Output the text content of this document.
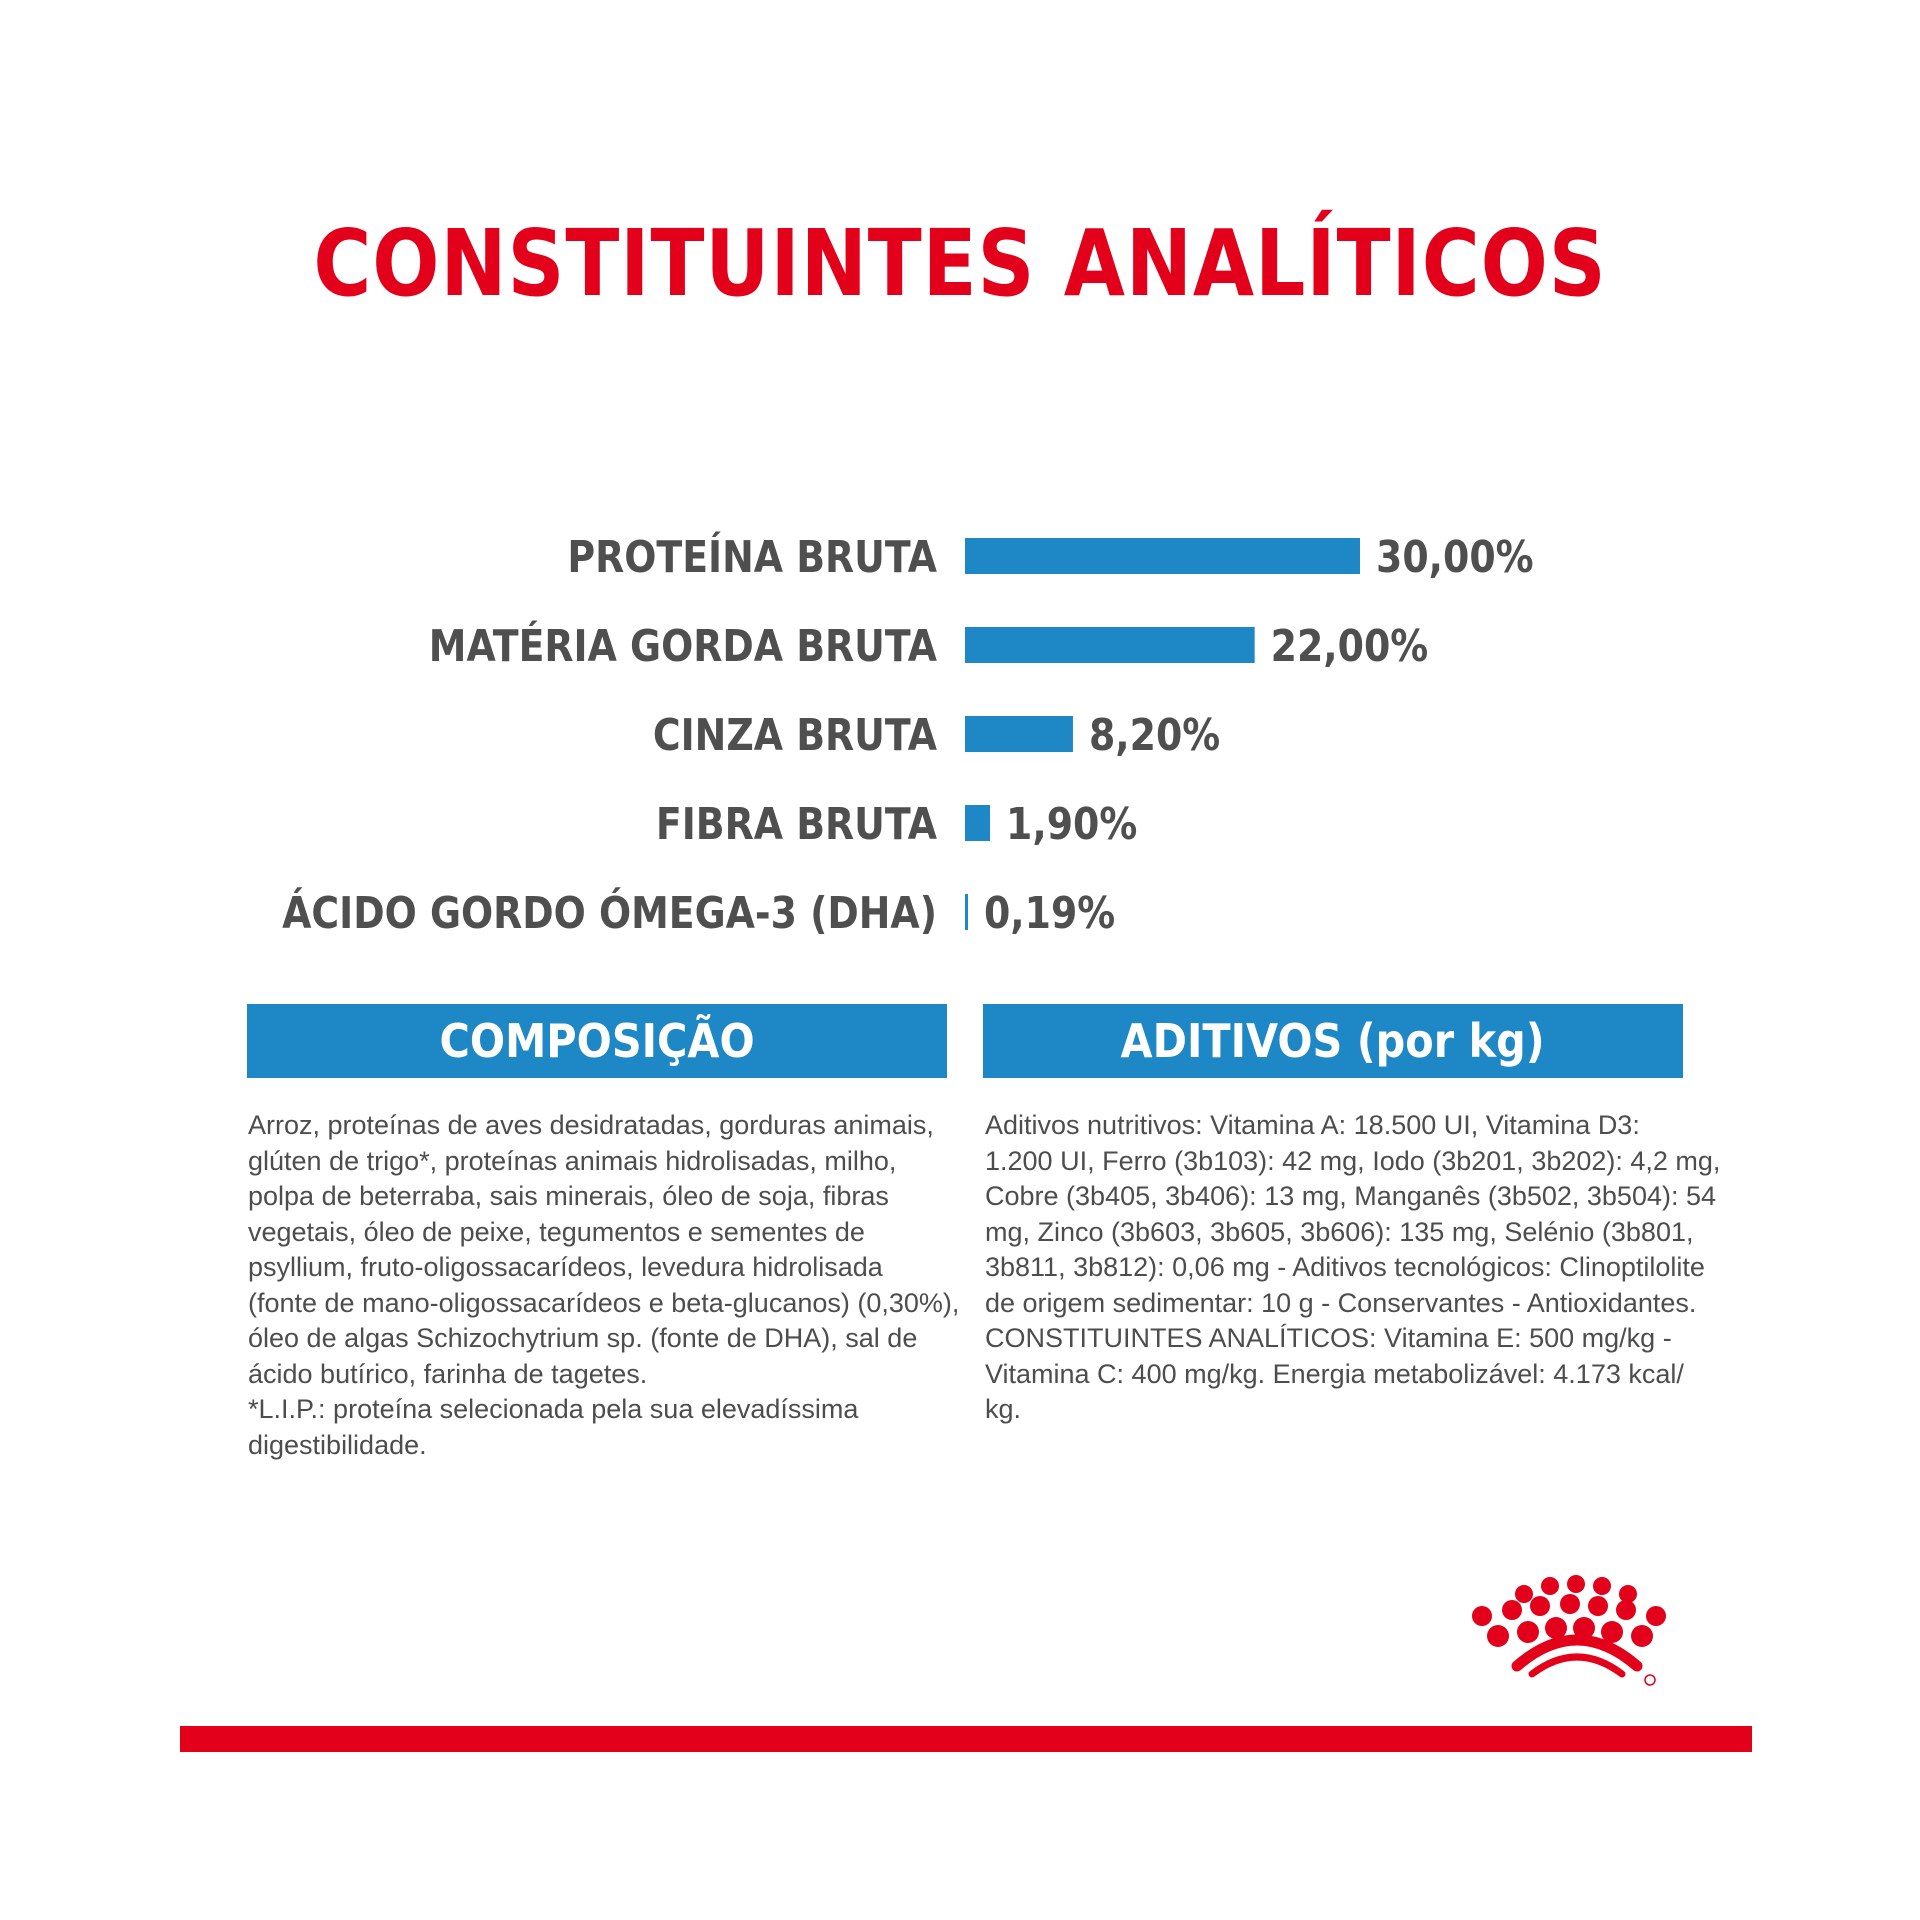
CONSTITUINTES ANALÍTICOS
PROTEÍNA BRUTA	30,00%
MATÉRIA GORDA BRUTA	22,00%
CINZA BRUTA	8,20%
FIBRA BRUTA 1,90%
ÁCIDO GORDO ÓMEGA-3 (DHA) 0,19%
COMPOSIÇÃO
Arroz, proteínas de aves desidratadas, gorduras animais,
glúten de trigo*, proteínas animais hidrolisadas, milho,
polpa de beterraba, sais minerais, óleo de soja, fibras
vegetais, óleo de peixe, tegumentos e sementes de
psyllium, fruto-oligossacarídeos, levedura hidrolisada
(fonte de mano-oligossacarídeos e beta-glucanos) (0,30%),
óleo de algas Schizochytrium sp. (fonte de DHA), sal de
ácido butírico, farinha de tagetes.
*L.I.P.: proteína selecionada pela sua elevadíssima
digestibilidade.
ADITIVOS (por kg)
Aditivos nutritivos: Vitamina A: 18.500 UI, Vitamina D3:
1.200 UI, Ferro (3b103): 42 mg, Iodo (3b201, 3b202): 4,2 mg,
Cobre (3b405, 3b406): 13 mg, Manganês (3b502, 3b504): 54
mg, Zinco (3b603, 3b605, 3b606): 135 mg, Selénio (3b801,
3b811, 3b812): 0,06 mg - Aditivos tecnológicos: Clinoptilolite
de origem sedimentar: 10 g - Conservantes - Antioxidantes.
CONSTITUINTES ANALÍTICOS: Vitamina E: 500 mg/kg -
Vitamina C: 400 mg/kg. Energia metabolizável: 4.173 kcal/
kg.
